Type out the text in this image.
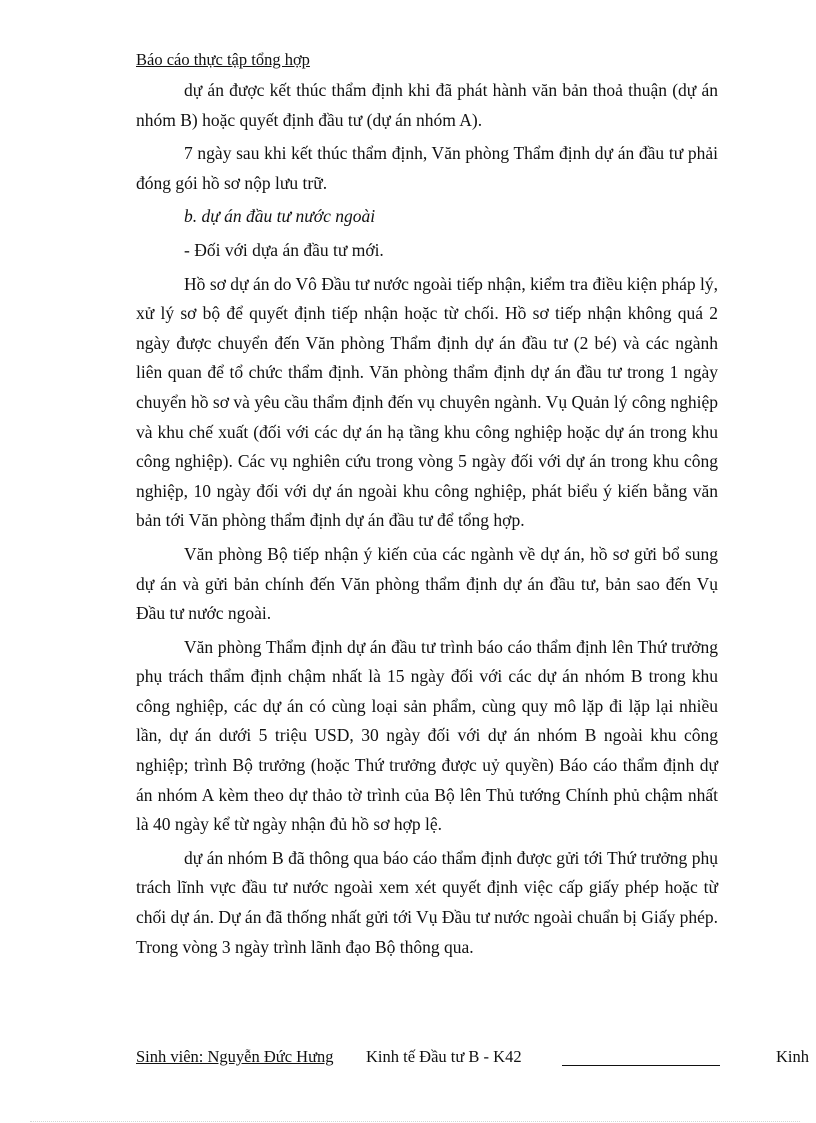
Báo cáo thực tập tổng hợp

dự án được kết thúc thẩm định khi đã phát hành văn bản thoả thuận (dự án nhóm B) hoặc quyết định đầu tư (dự án nhóm A).

7 ngày sau khi kết thúc thẩm định, Văn phòng Thẩm định dự án đầu tư phải đóng gói hồ sơ nộp lưu trữ.

b. dự án đầu tư nước ngoài

- Đối với dựa án đầu tư mới.

Hồ sơ dự án do Vô Đầu tư nước ngoài tiếp nhận, kiểm tra điều kiện pháp lý, xử lý sơ bộ để quyết định tiếp nhận hoặc từ chối. Hồ sơ tiếp nhận không quá 2 ngày được chuyển đến Văn phòng Thẩm định dự án đầu tư (2 bé) và các ngành liên quan để tổ chức thẩm định. Văn phòng thẩm định dự án đầu tư trong 1 ngày chuyển hồ sơ và yêu cầu thẩm định đến vụ chuyên ngành. Vụ Quản lý công nghiệp và khu chế xuất (đối với các dự án hạ tầng khu công nghiệp hoặc dự án trong khu công nghiệp). Các vụ nghiên cứu trong vòng 5 ngày đối với dự án trong khu công nghiệp, 10 ngày đối với dự án ngoài khu công nghiệp, phát biểu ý kiến bằng văn bản tới Văn phòng thẩm định dự án đầu tư để tổng hợp.

Văn phòng Bộ tiếp nhận ý kiến của các ngành về dự án, hồ sơ gửi bổ sung dự án và gửi bản chính đến Văn phòng thẩm định dự án đầu tư, bản sao đến Vụ Đầu tư nước ngoài.

Văn phòng Thẩm định dự án đầu tư trình báo cáo thẩm định lên Thứ trưởng phụ trách thẩm định chậm nhất là 15 ngày đối với các dự án nhóm B trong khu công nghiệp, các dự án có cùng loại sản phẩm, cùng quy mô lặp đi lặp lại nhiều lần, dự án dưới 5 triệu USD, 30 ngày đối với dự án nhóm B ngoài khu công nghiệp; trình Bộ trưởng (hoặc Thứ trưởng được uỷ quyền) Báo cáo thẩm định dự án nhóm A kèm theo dự thảo tờ trình của Bộ lên Thủ tướng Chính phủ chậm nhất là 40 ngày kể từ ngày nhận đủ hồ sơ hợp lệ.

dự án nhóm B đã thông qua báo cáo thẩm định được gửi tới Thứ trưởng phụ trách lĩnh vực đầu tư nước ngoài xem xét quyết định việc cấp giấy phép hoặc từ chối dự án. Dự án đã thống nhất gửi tới Vụ Đầu tư nước ngoài chuẩn bị Giấy phép. Trong vòng 3 ngày trình lãnh đạo Bộ thông qua.

Sinh viên: Nguyễn Đức Hưng Kinh tế Đầu tư B - K42	Kinh
